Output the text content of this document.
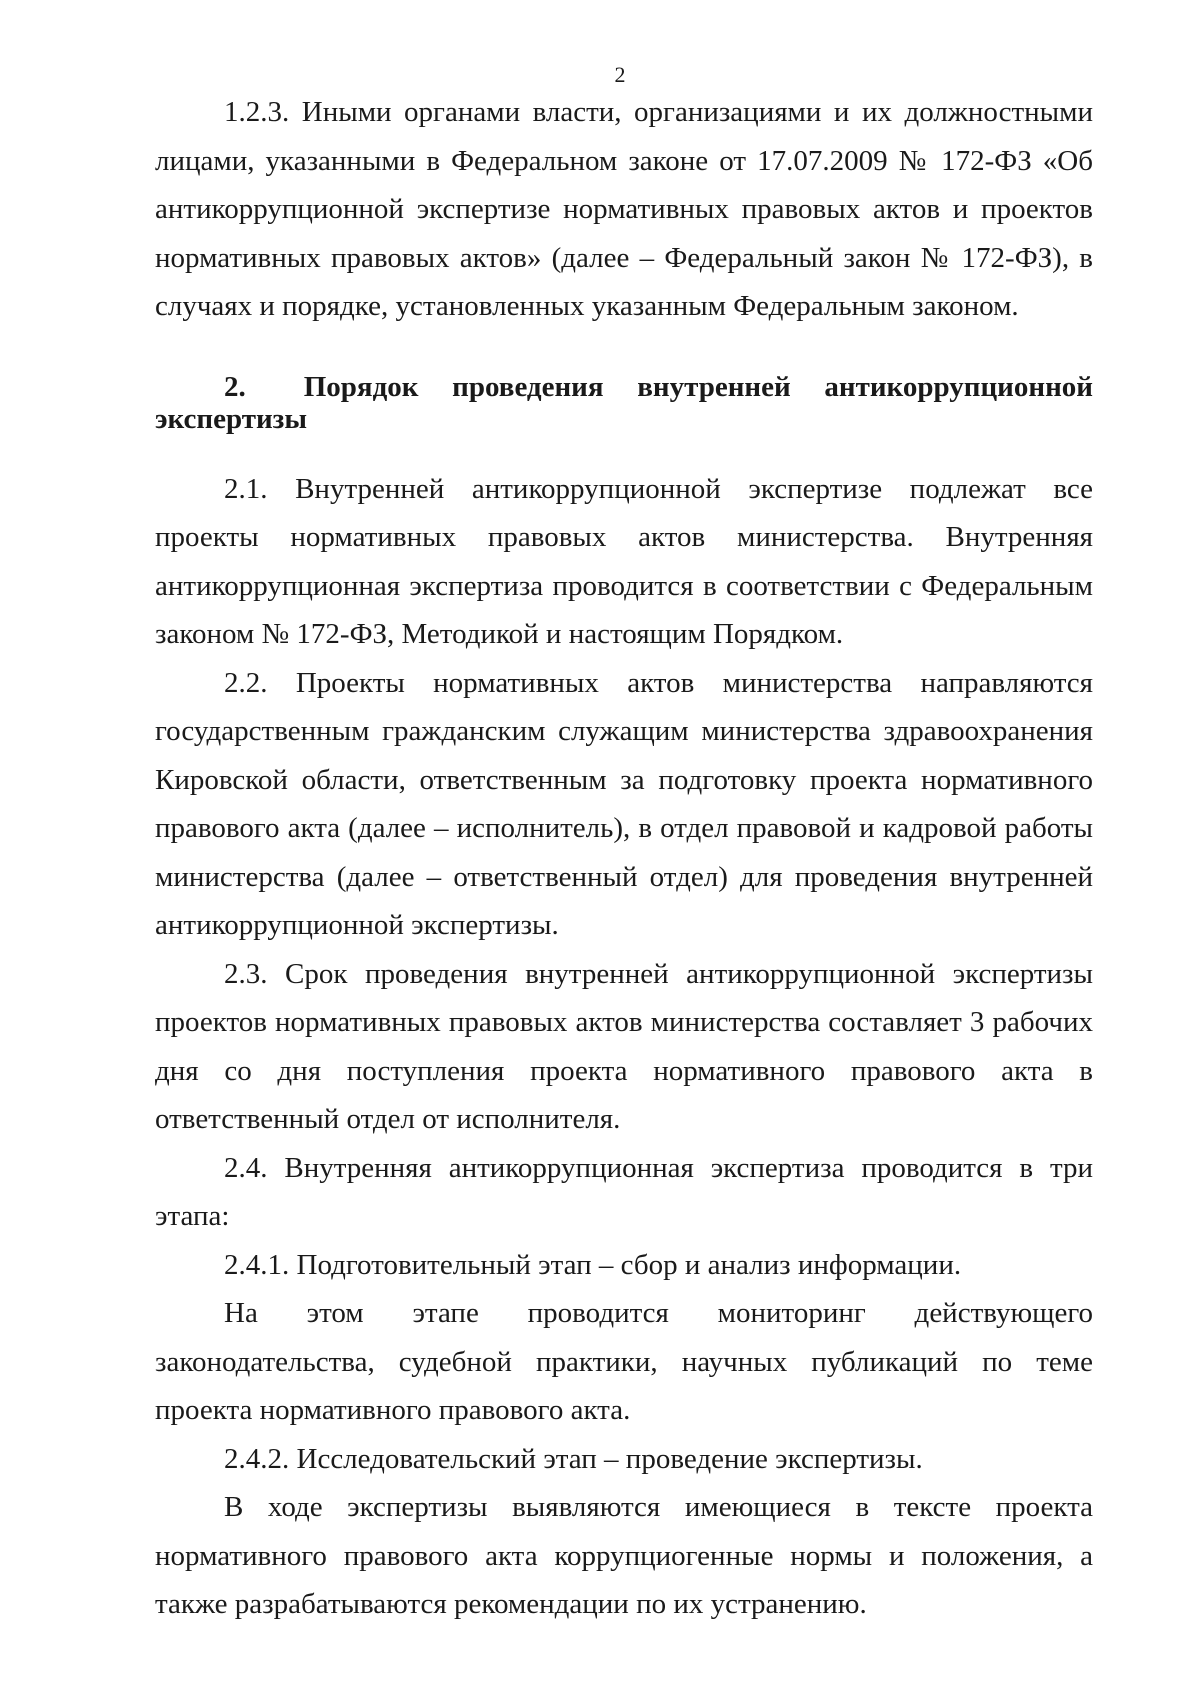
2

1.2.3. Иными органами власти, организациями и их должностными лицами, указанными в Федеральном законе от 17.07.2009 № 172-ФЗ «Об антикоррупционной экспертизе нормативных правовых актов и проектов нормативных правовых актов» (далее – Федеральный закон № 172-ФЗ), в случаях и порядке, установленных указанным Федеральным законом.

2. Порядок проведения внутренней антикоррупционной экспертизы

2.1. Внутренней антикоррупционной экспертизе подлежат все проекты нормативных правовых актов министерства. Внутренняя антикоррупционная экспертиза проводится в соответствии с Федеральным законом № 172-ФЗ, Методикой и настоящим Порядком.

2.2. Проекты нормативных актов министерства направляются государственным гражданским служащим министерства здравоохранения Кировской области, ответственным за подготовку проекта нормативного правового акта (далее – исполнитель), в отдел правовой и кадровой работы министерства (далее – ответственный отдел) для проведения внутренней антикоррупционной экспертизы.

2.3. Срок проведения внутренней антикоррупционной экспертизы проектов нормативных правовых актов министерства составляет 3 рабочих дня со дня поступления проекта нормативного правового акта в ответственный отдел от исполнителя.

2.4. Внутренняя антикоррупционная экспертиза проводится в три этапа:

2.4.1. Подготовительный этап – сбор и анализ информации.

На этом этапе проводится мониторинг действующего законодательства, судебной практики, научных публикаций по теме проекта нормативного правового акта.

2.4.2. Исследовательский этап – проведение экспертизы.

В ходе экспертизы выявляются имеющиеся в тексте проекта нормативного правового акта коррупциогенные нормы и положения, а также разрабатываются рекомендации по их устранению.
